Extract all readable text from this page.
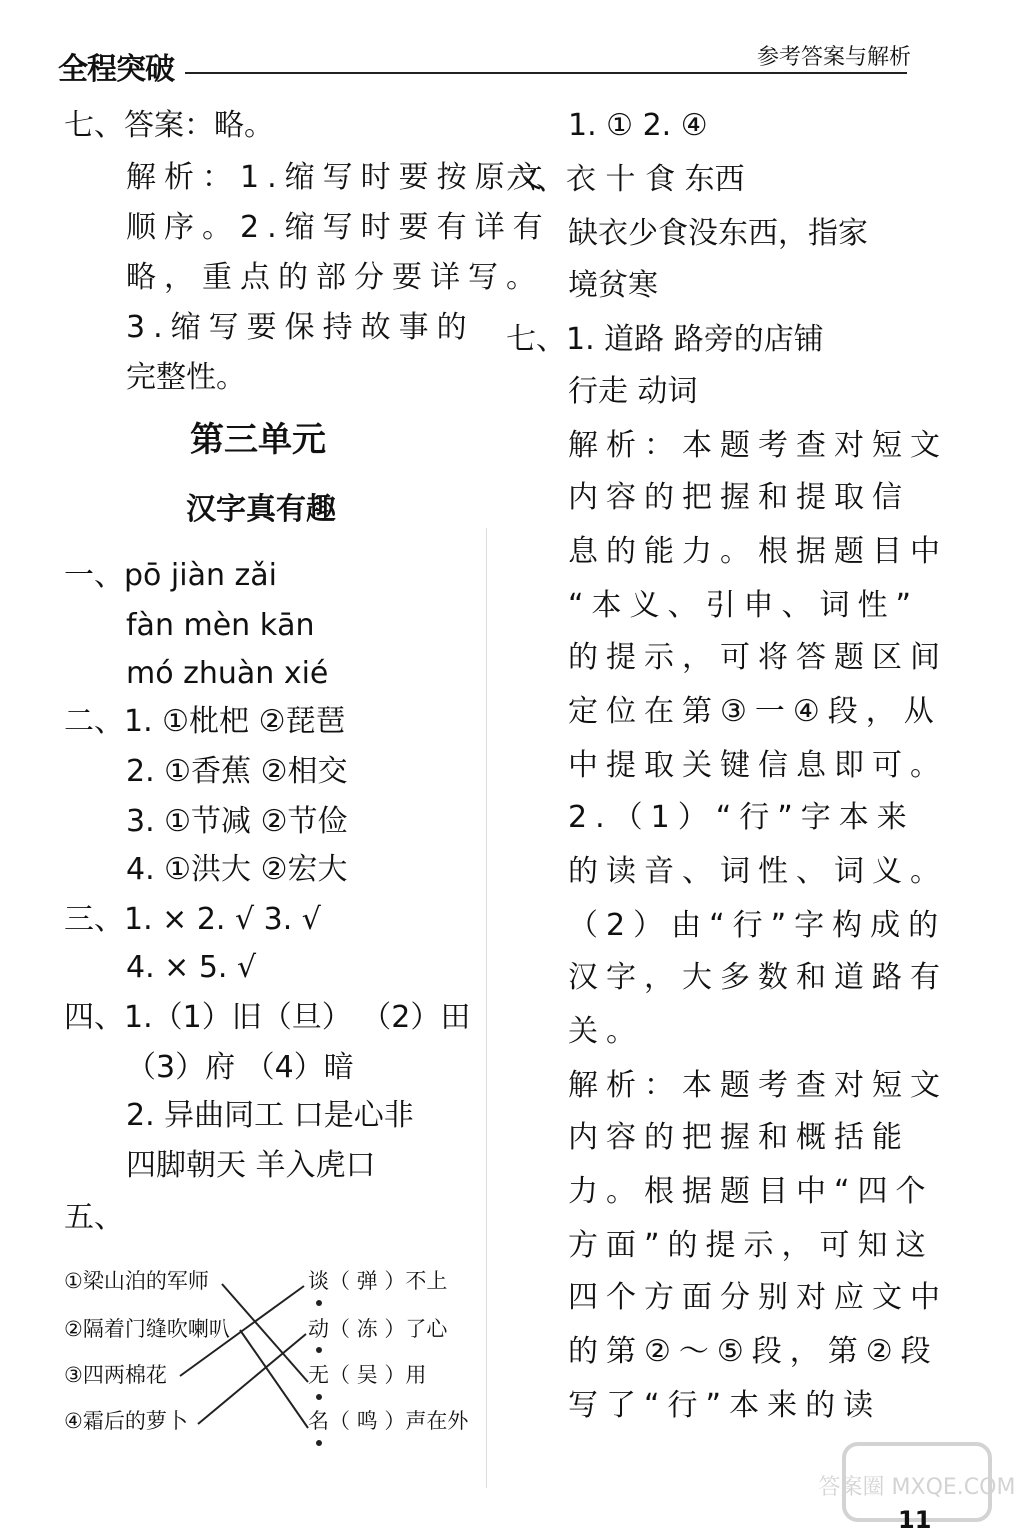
全程突破	参考答案与解析
七、答案：略。
解析：1.缩写时要按原文
顺序。2.缩写时要有详有
略，重点的部分要详写。
3.缩写要保持故事的
完整性。
第三单元
汉字真有趣
一、pō jiàn zǎi
fàn mèn kān
mó zhuàn xié
二、1. ①枇杷 ②琵琶
2. ①香蕉 ②相交
3. ①节减 ②节俭
4. ①洪大 ②宏大
三、1. × 2. √ 3. √
4. × 5. √
四、1.（1）旧（旦） （2）田
（3）府 （4）暗
2. 异曲同工 口是心非
四脚朝天 羊入虎口
五、
①梁山泊的军师
②隔着门缝吹喇叭
③四两棉花
④霜后的萝卜
谈（ 弹 ）不上
动（ 冻 ）了心
无（ 吴 ）用
名（ 鸣 ）声在外
1. ① 2. ④
六、衣 十 食 东西
缺衣少食没东西，指家
境贫寒
七、1. 道路 路旁的店铺
行走 动词
解析：本题考查对短文
内容的把握和提取信
息的能力。根据题目中
“本义、引申、词性”
的提示，可将答题区间
定位在第③一④段，从
中提取关键信息即可。
2.（1）“行”字本来
的读音、词性、词义。
（2）由“行”字构成的
汉字，大多数和道路有
关。
解析：本题考查对短文
内容的把握和概括能
力。根据题目中“四个
方面”的提示，可知这
四个方面分别对应文中
的第②～⑤段，第②段
写了“行”本来的读
答案圈 MXQE.COM
11
